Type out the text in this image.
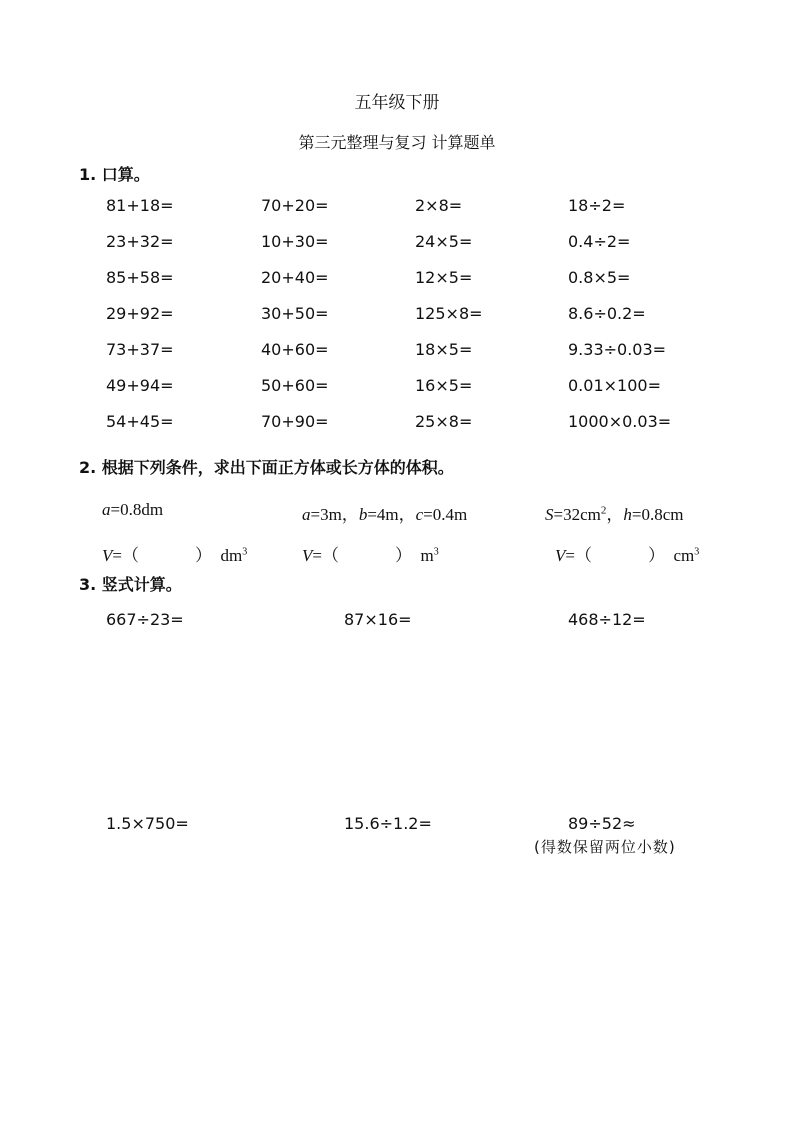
五年级下册
第三元整理与复习 计算题单
1. 口算。
81+18=	70+20=	2×8=	18÷2=
23+32=	10+30=	24×5=	0.4÷2=
85+58=	20+40=	12×5=	0.8×5=
29+92=	30+50=	125×8=	8.6÷0.2=
73+37=	40+60=	18×5=	9.33÷0.03=
49+94=	50+60=	16×5=	0.01×100=
54+45=	70+90=	25×8=	1000×0.03=
2. 根据下列条件，求出下面正方体或长方体的体积。
a=0.8dm	a=3m，b=4m，c=0.4m	$S=32cm^2$，h=0.8cm
V=（	） $dm^3$	V=（	） $m^3$	V=（	） $cm^3$
3. 竖式计算。
667÷23=	87×16=	468÷12=
1.5×750=	15.6÷1.2=	89÷52≈
(得数保留两位小数)
